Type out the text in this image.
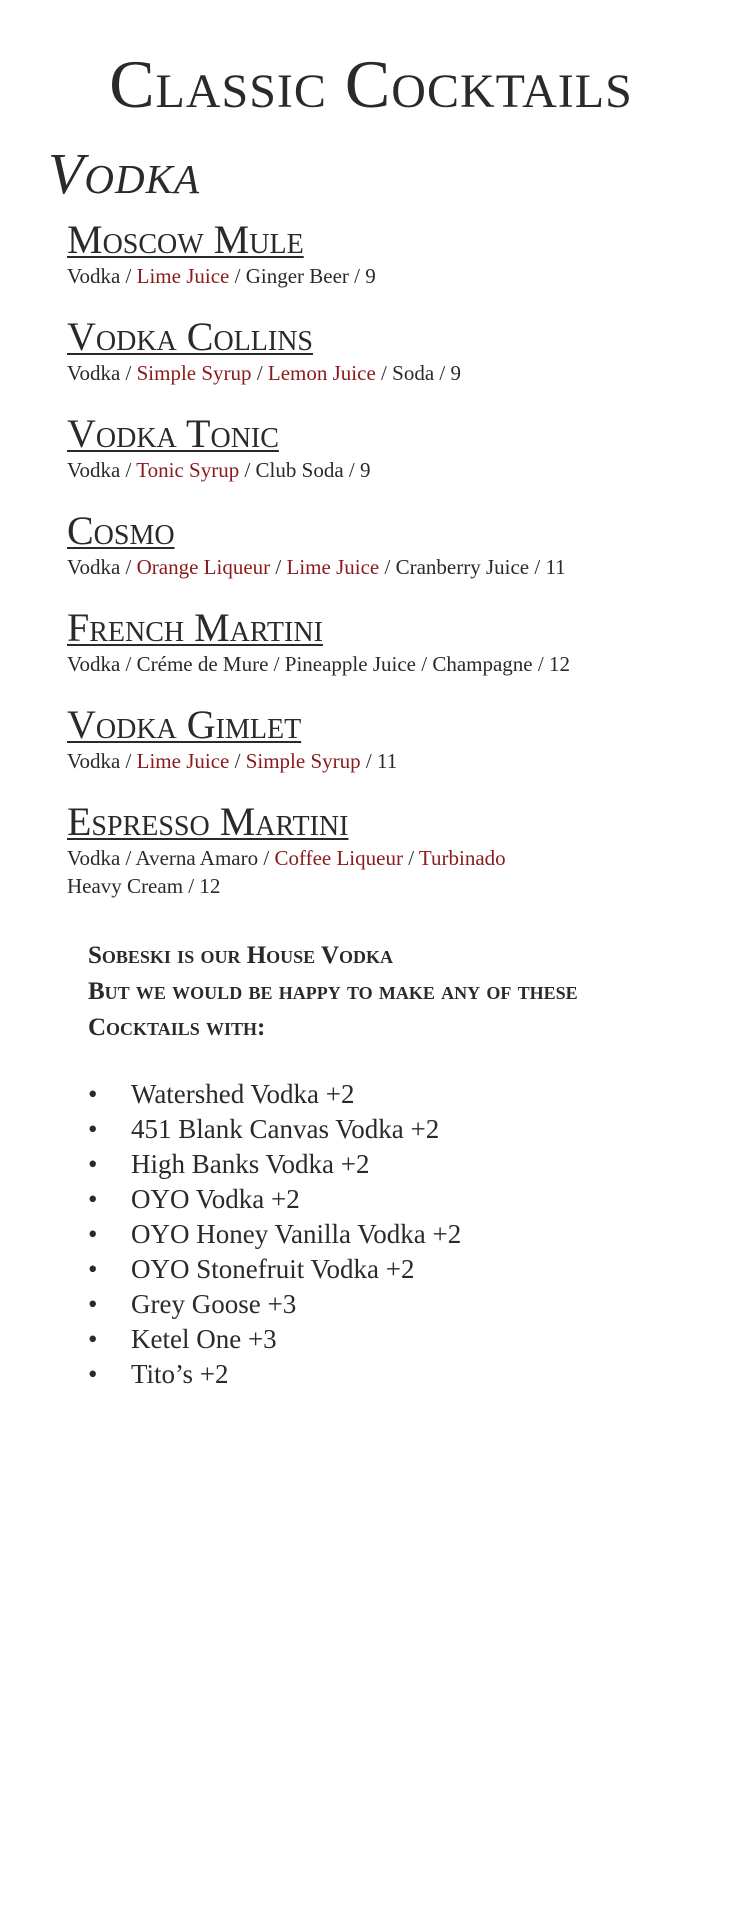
Classic Cocktails
Vodka
Moscow Mule

Vodka / Lime Juice / Ginger Beer / 9

Vodka Collins

Vodka / Simple Syrup / Lemon Juice / Soda / 9

Vodka Tonic

Vodka / Tonic Syrup / Club Soda / 9

Cosmo

Vodka / Orange Liqueur / Lime Juice / Cranberry Juice / 11

French Martini

Vodka / Créme de Mure / Pineapple Juice / Champagne / 12

Vodka Gimlet

Vodka / Lime Juice / Simple Syrup / 11

Espresso Martini

Vodka / Averna Amaro / Coffee Liqueur / Turbinado
Heavy Cream / 12

Sobeski is our House Vodka
But we would be happy to make any of these
Cocktails with:
• Watershed Vodka +2
• 451 Blank Canvas Vodka +2
• High Banks Vodka +2
• OYO Vodka +2
• OYO Honey Vanilla Vodka +2
• OYO Stonefruit Vodka +2
• Grey Goose +3
• Ketel One +3
• Tito’s +2
